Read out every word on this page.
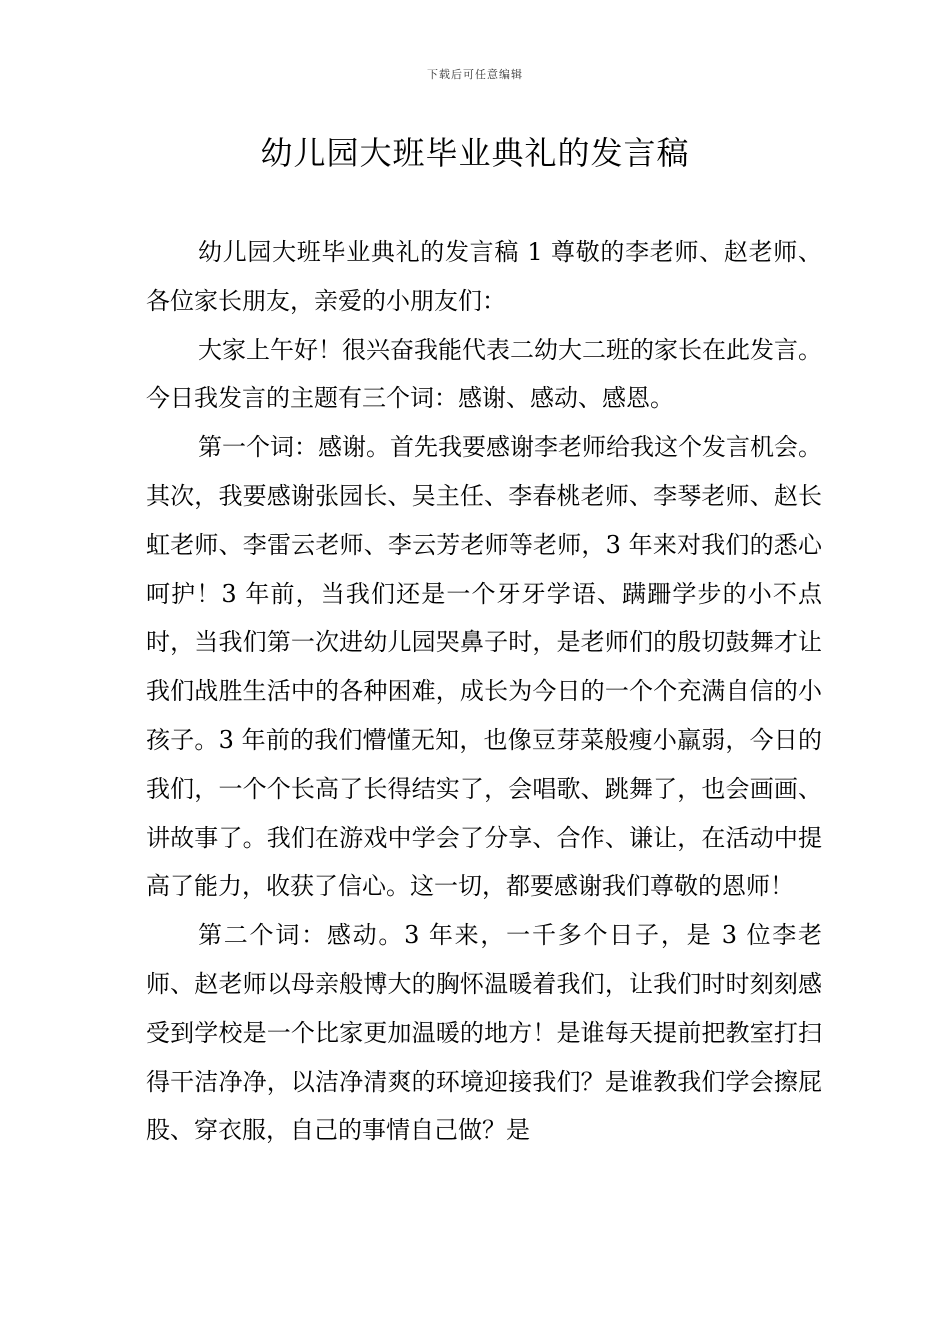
下载后可任意编辑
幼儿园大班毕业典礼的发言稿

幼儿园大班毕业典礼的发言稿 1 尊敬的李老师、赵老师、各位家长朋友，亲爱的小朋友们：

大家上午好！很兴奋我能代表二幼大二班的家长在此发言。今日我发言的主题有三个词：感谢、感动、感恩。

第一个词：感谢。首先我要感谢李老师给我这个发言机会。其次，我要感谢张园长、吴主任、李春桃老师、李琴老师、赵长虹老师、李雷云老师、李云芳老师等老师，3 年来对我们的悉心呵护！3 年前，当我们还是一个牙牙学语、蹒跚学步的小不点时，当我们第一次进幼儿园哭鼻子时，是老师们的殷切鼓舞才让我们战胜生活中的各种困难，成长为今日的一个个充满自信的小孩子。3 年前的我们懵懂无知，也像豆芽菜般瘦小羸弱，今日的我们，一个个长高了长得结实了，会唱歌、跳舞了，也会画画、讲故事了。我们在游戏中学会了分享、合作、谦让，在活动中提高了能力，收获了信心。这一切，都要感谢我们尊敬的恩师！

第二个词：感动。3 年来，一千多个日子，是 3 位李老师、赵老师以母亲般博大的胸怀温暖着我们，让我们时时刻刻感受到学校是一个比家更加温暖的地方！是谁每天提前把教室打扫得干洁净净，以洁净清爽的环境迎接我们？是谁教我们学会擦屁股、穿衣服，自己的事情自己做？是
